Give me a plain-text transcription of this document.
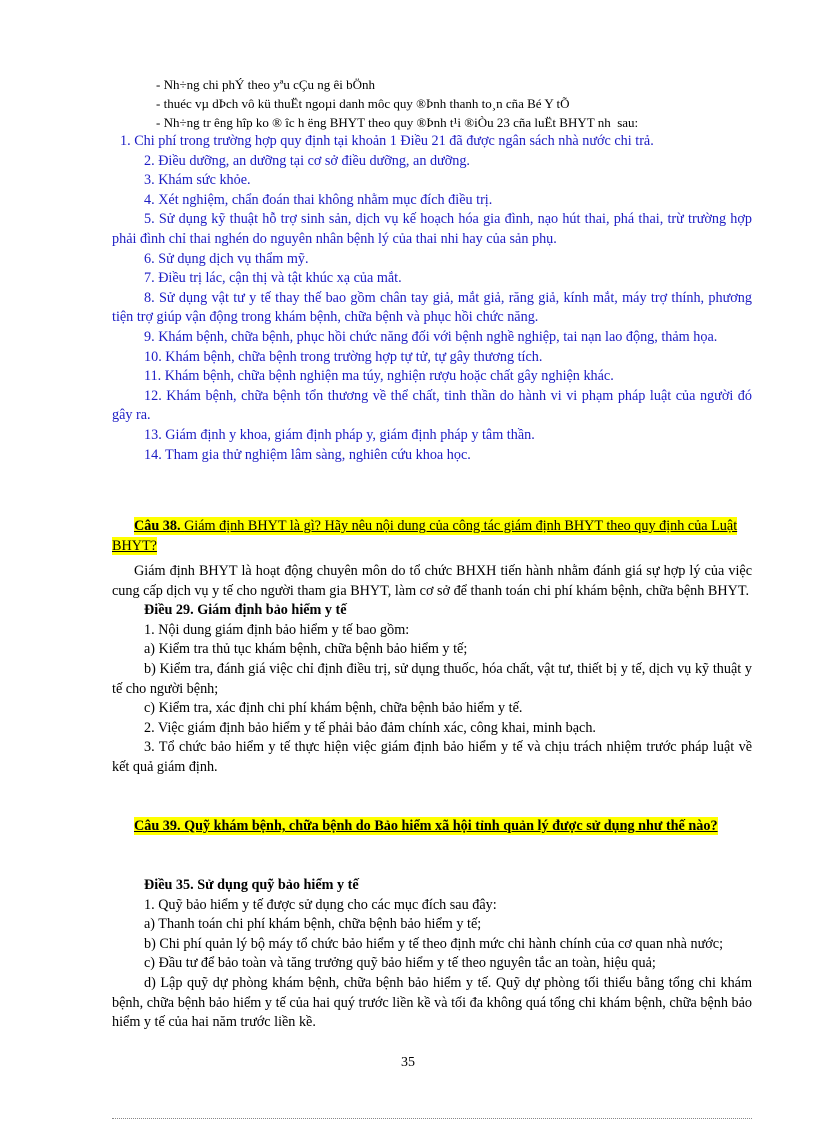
- Nh÷ng chi phÝ theo yªu cÇu ng êi bÖnh
- thuéc vµ dÞch vô kü thuËt ngoµi danh môc quy ®Þnh thanh to¸n cña Bé Y tÕ
- Nh÷ng tr êng hîp ko ® îc h ëng BHYT theo quy ®Þnh t¹i ®iÒu 23 cña luËt BHYT nh  sau:

1. Chi phí trong trường hợp quy định tại khoản 1 Điều 21 đã được ngân sách nhà nước chi trả.

2. Điều dưỡng, an dưỡng tại cơ sở điều dưỡng, an dưỡng.

3. Khám sức khỏe.

4. Xét nghiệm, chẩn đoán thai không nhằm mục đích điều trị.

5. Sử dụng kỹ thuật hỗ trợ sinh sản, dịch vụ kế hoạch hóa gia đình, nạo hút thai, phá thai, trừ trường hợp phải đình chỉ thai nghén do nguyên nhân bệnh lý của thai nhi hay của sản phụ.

6. Sử dụng dịch vụ thẩm mỹ.

7. Điều trị lác, cận thị và tật khúc xạ của mắt.

8. Sử dụng vật tư y tế thay thế bao gồm chân tay giả, mắt giả, răng giả, kính mắt, máy trợ thính, phương tiện trợ giúp vận động trong khám bệnh, chữa bệnh và phục hồi chức năng.

9. Khám bệnh, chữa bệnh, phục hồi chức năng đối với bệnh nghề nghiệp, tai nạn lao động, thảm họa.

10. Khám bệnh, chữa bệnh trong trường hợp tự tử, tự gây thương tích.

11. Khám bệnh, chữa bệnh nghiện ma túy, nghiện rượu hoặc chất gây nghiện khác.

12. Khám bệnh, chữa bệnh tổn thương về thể chất, tinh thần do hành vi vi phạm pháp luật của người đó gây ra.

13. Giám định y khoa, giám định pháp y, giám định pháp y tâm thần.

14. Tham gia thử nghiệm lâm sàng, nghiên cứu khoa học.

Câu 38. Giám định BHYT là gì? Hãy nêu nội dung của công tác giám định BHYT theo quy định của Luật BHYT?

Giám định BHYT là hoạt động chuyên môn do tổ chức BHXH tiến hành nhằm đánh giá sự hợp lý của việc cung cấp dịch vụ y tế cho người tham gia BHYT, làm cơ sở để thanh toán chi phí khám bệnh, chữa bệnh BHYT.

Điều 29. Giám định bảo hiểm y tế

1. Nội dung giám định bảo hiểm y tế bao gồm:

a) Kiểm tra thủ tục khám bệnh, chữa bệnh bảo hiểm y tế;

b) Kiểm tra, đánh giá việc chỉ định điều trị, sử dụng thuốc, hóa chất, vật tư, thiết bị y tế, dịch vụ kỹ thuật y tế cho người bệnh;

c) Kiểm tra, xác định chi phí khám bệnh, chữa bệnh bảo hiểm y tế.

2. Việc giám định bảo hiểm y tế phải bảo đảm chính xác, công khai, minh bạch.

3. Tổ chức bảo hiểm y tế thực hiện việc giám định bảo hiểm y tế và chịu trách nhiệm trước pháp luật về kết quả giám định.

Câu 39. Quỹ khám bệnh, chữa bệnh do Bảo hiểm xã hội tỉnh quản lý được sử dụng như thế nào?

Điều 35. Sử dụng quỹ bảo hiểm y tế

1. Quỹ bảo hiểm y tế được sử dụng cho các mục đích sau đây:

a) Thanh toán chi phí khám bệnh, chữa bệnh bảo hiểm y tế;

b) Chi phí quản lý bộ máy tổ chức bảo hiểm y tế theo định mức chi hành chính của cơ quan nhà nước;

c) Đầu tư để bảo toàn và tăng trưởng quỹ bảo hiểm y tế theo nguyên tắc an toàn, hiệu quả;

d) Lập quỹ dự phòng khám bệnh, chữa bệnh bảo hiểm y tế. Quỹ dự phòng tối thiểu bằng tổng chi khám bệnh, chữa bệnh bảo hiểm y tế của hai quý trước liền kề và tối đa không quá tổng chi khám bệnh, chữa bệnh bảo hiểm y tế của hai năm trước liền kề.

35
